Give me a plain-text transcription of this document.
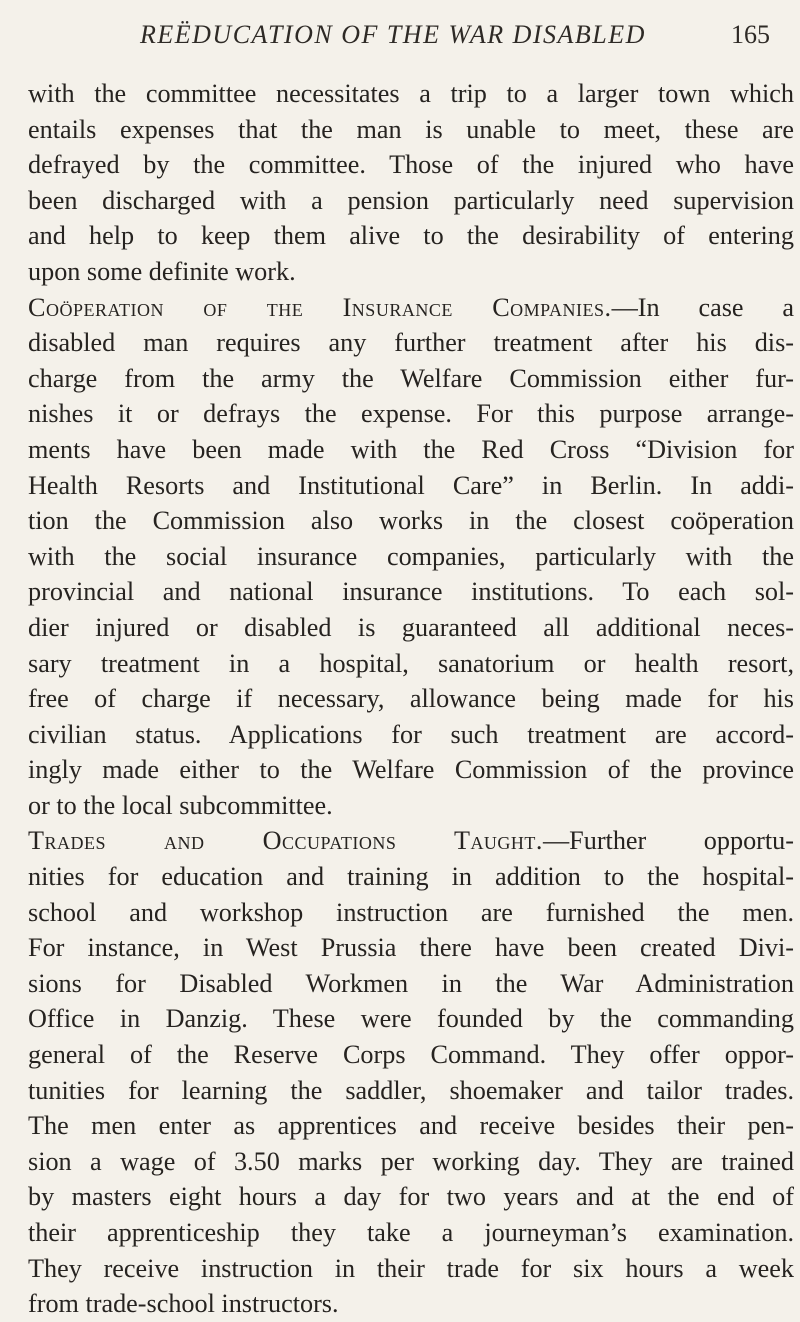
REËDUCATION OF THE WAR DISABLED	165
with the committee necessitates a trip to a larger town which
entails expenses that the man is unable to meet, these are
defrayed by the committee. Those of the injured who have
been discharged with a pension particularly need supervision
and help to keep them alive to the desirability of entering
upon some definite work.
Coöperation of the Insurance Companies.—In case a
disabled man requires any further treatment after his dis-
charge from the army the Welfare Commission either fur-
nishes it or defrays the expense. For this purpose arrange-
ments have been made with the Red Cross “Division for
Health Resorts and Institutional Care” in Berlin. In addi-
tion the Commission also works in the closest coöperation
with the social insurance companies, particularly with the
provincial and national insurance institutions. To each sol-
dier injured or disabled is guaranteed all additional neces-
sary treatment in a hospital, sanatorium or health resort,
free of charge if necessary, allowance being made for his
civilian status. Applications for such treatment are accord-
ingly made either to the Welfare Commission of the province
or to the local subcommittee.
Trades and Occupations Taught.—Further opportu-
nities for education and training in addition to the hospital-
school and workshop instruction are furnished the men.
For instance, in West Prussia there have been created Divi-
sions for Disabled Workmen in the War Administration
Office in Danzig. These were founded by the commanding
general of the Reserve Corps Command. They offer oppor-
tunities for learning the saddler, shoemaker and tailor trades.
The men enter as apprentices and receive besides their pen-
sion a wage of 3.50 marks per working day. They are trained
by masters eight hours a day for two years and at the end of
their apprenticeship they take a journeyman’s examination.
They receive instruction in their trade for six hours a week
from trade-school instructors.
